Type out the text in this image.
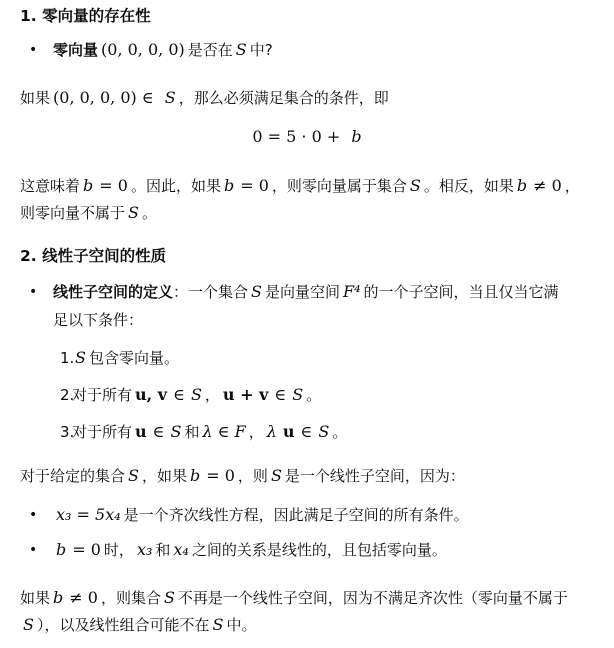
1. 零向量的存在性
• 零向量 (0, 0, 0, 0) 是否在 S 中?
如果 (0, 0, 0, 0) ∈ S ，那么必须满足集合的条件，即
0 = 5 · 0 + b
这意味着 b = 0 。因此，如果 b = 0 ，则零向量属于集合 S 。相反，如果 b ≠ 0 ，
则零向量不属于 S 。
2. 线性子空间的性质
• 线性子空间的定义：一个集合 S 是向量空间 F⁴ 的一个子空间，当且仅当它满
足以下条件：
1. S 包含零向量。
2.
对于所有 u, v ∈ S ， u + v ∈ S 。
3.
对于所有 u ∈ S 和 λ ∈ F ， λ u ∈ S 。
对于给定的集合 S ，如果 b = 0 ，则 S 是一个线性子空间，因为：
• x₃ = 5x₄ 是一个齐次线性方程，因此满足子空间的所有条件。
• b = 0 时， x₃ 和 x₄ 之间的关系是线性的，且包括零向量。
如果 b ≠ 0 ，则集合 S 不再是一个线性子空间，因为不满足齐次性（零向量不属于
S ），以及线性组合可能不在 S 中。
